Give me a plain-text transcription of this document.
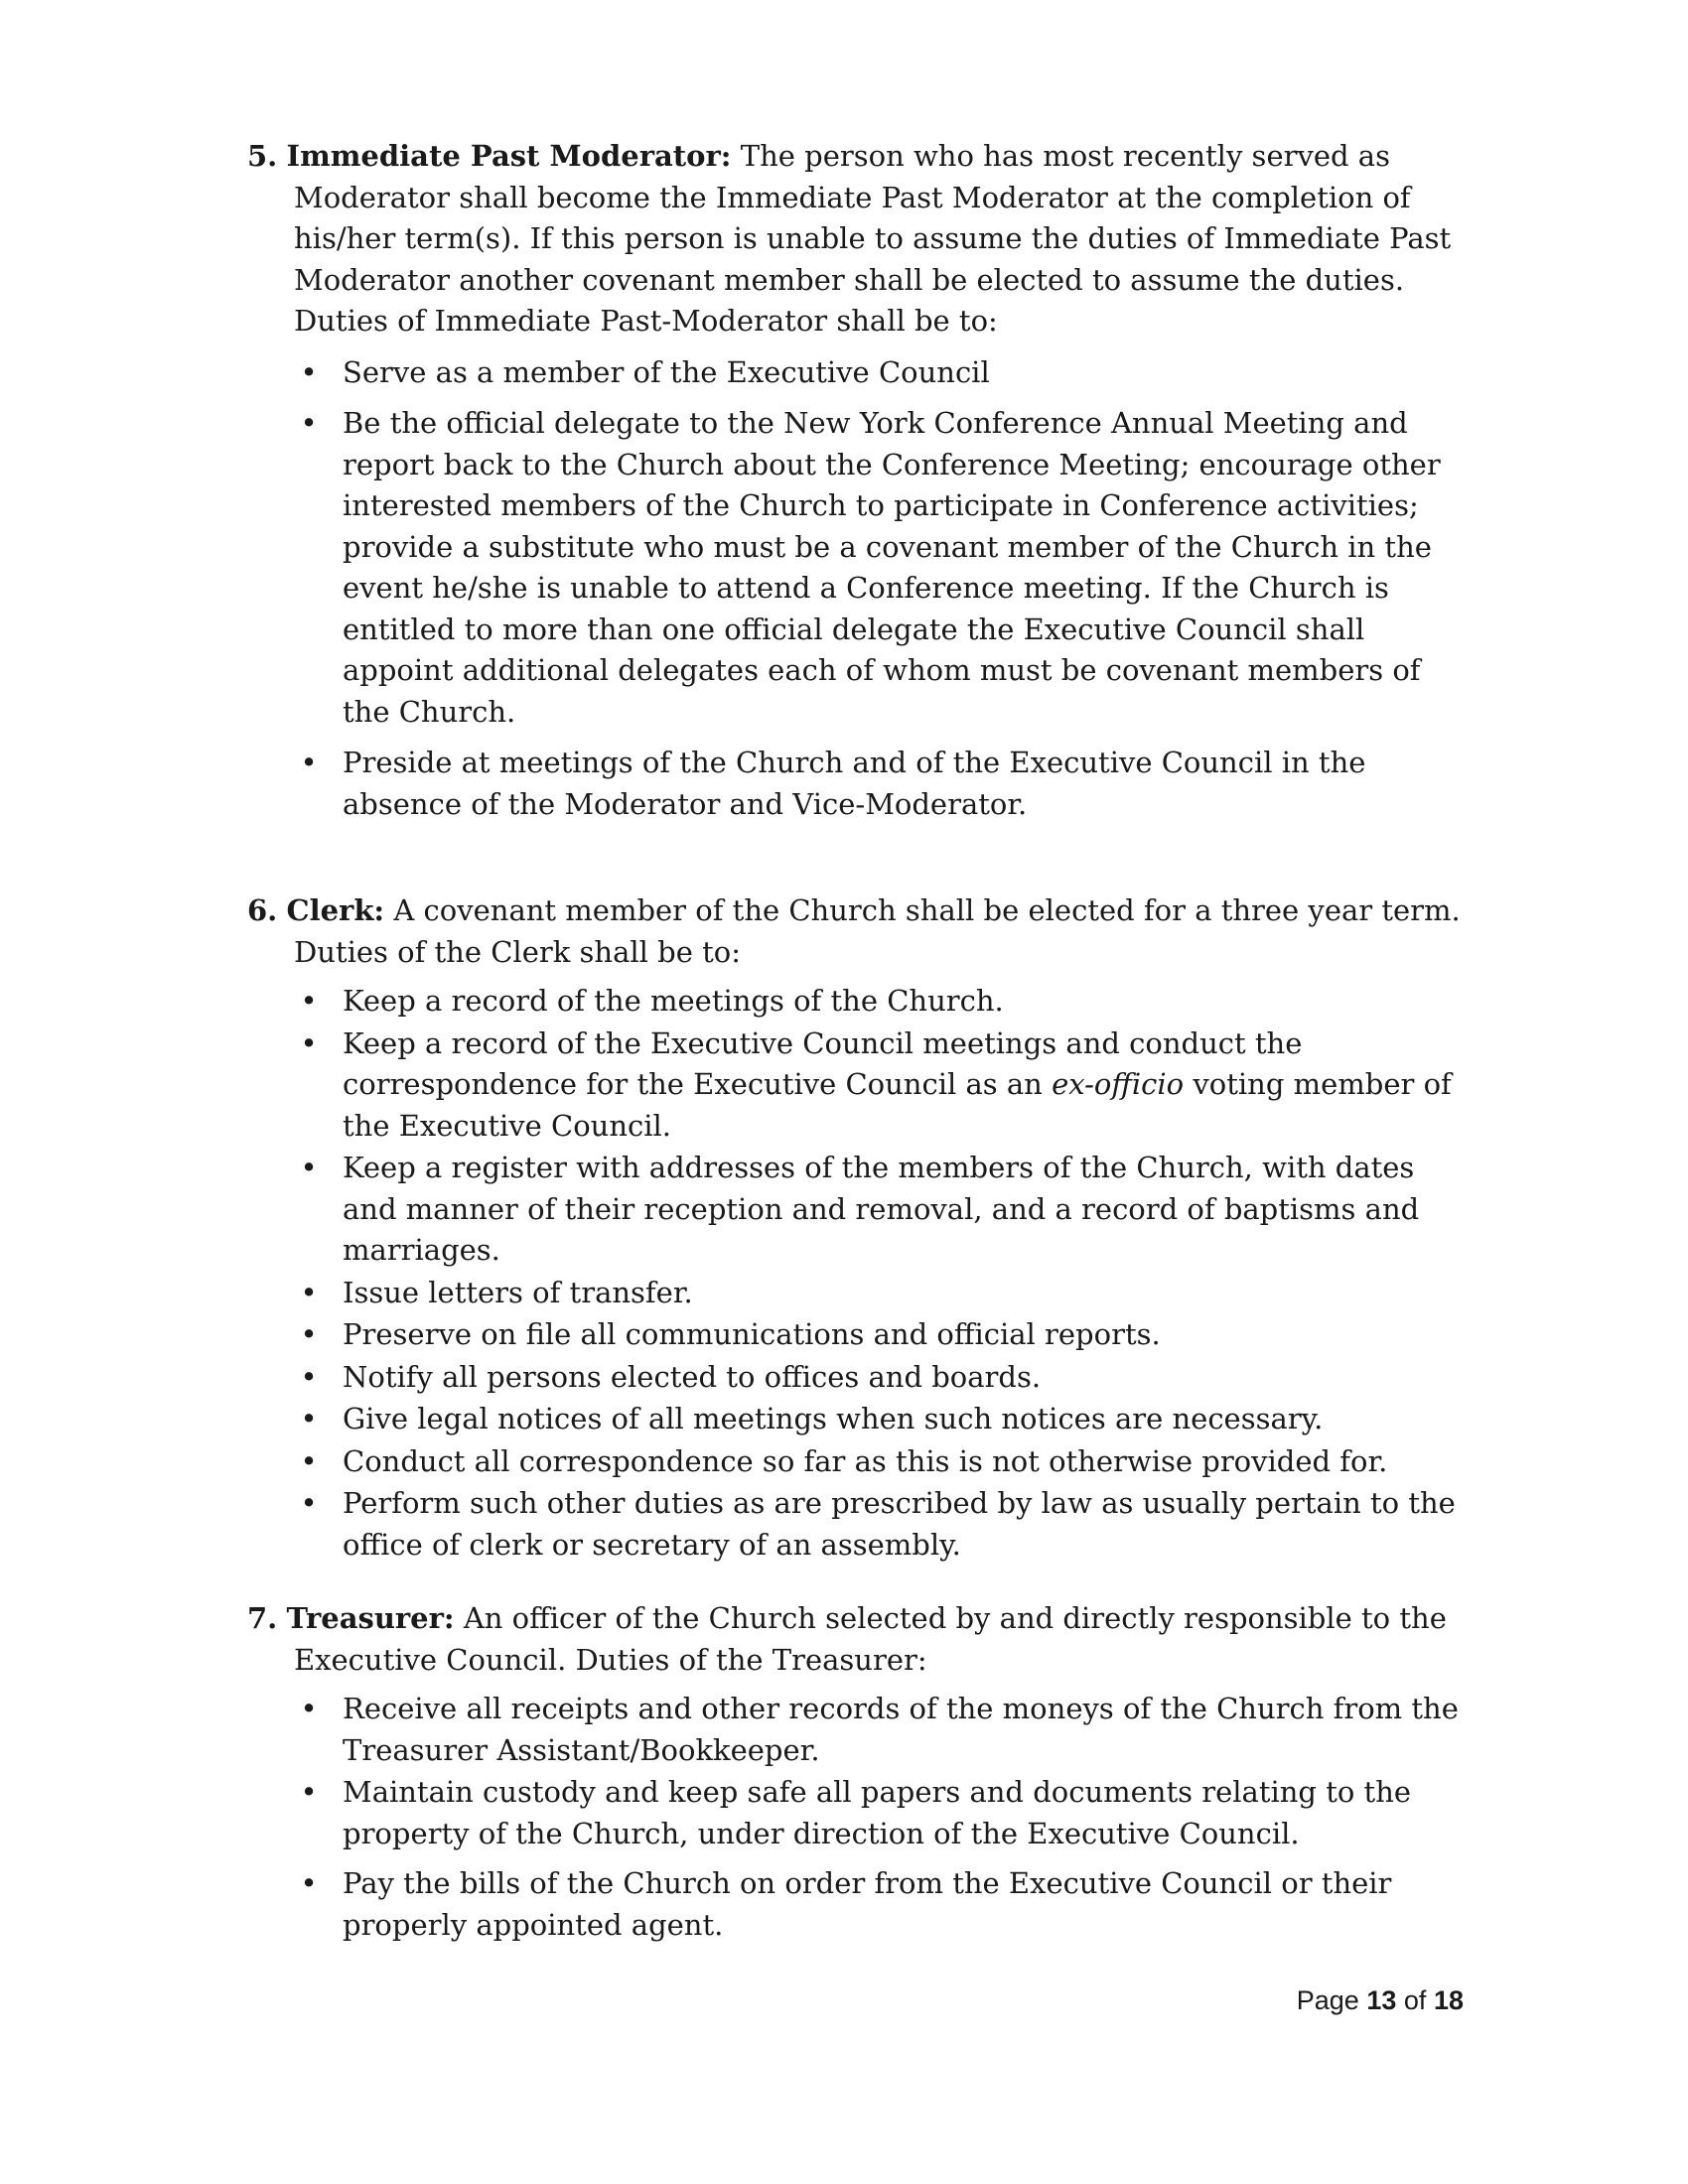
5. Immediate Past Moderator: The person who has most recently served as Moderator shall become the Immediate Past Moderator at the completion of his/her term(s). If this person is unable to assume the duties of Immediate Past Moderator another covenant member shall be elected to assume the duties. Duties of Immediate Past-Moderator shall be to:

• Serve as a member of the Executive Council
• Be the official delegate to the New York Conference Annual Meeting and report back to the Church about the Conference Meeting; encourage other interested members of the Church to participate in Conference activities; provide a substitute who must be a covenant member of the Church in the event he/she is unable to attend a Conference meeting. If the Church is entitled to more than one official delegate the Executive Council shall appoint additional delegates each of whom must be covenant members of the Church.
• Preside at meetings of the Church and of the Executive Council in the absence of the Moderator and Vice-Moderator.

6. Clerk: A covenant member of the Church shall be elected for a three year term. Duties of the Clerk shall be to:

• Keep a record of the meetings of the Church.
• Keep a record of the Executive Council meetings and conduct the correspondence for the Executive Council as an ex-officio voting member of the Executive Council.
• Keep a register with addresses of the members of the Church, with dates and manner of their reception and removal, and a record of baptisms and marriages.
• Issue letters of transfer.
• Preserve on file all communications and official reports.
• Notify all persons elected to offices and boards.
• Give legal notices of all meetings when such notices are necessary.
• Conduct all correspondence so far as this is not otherwise provided for.
• Perform such other duties as are prescribed by law as usually pertain to the office of clerk or secretary of an assembly.

7. Treasurer: An officer of the Church selected by and directly responsible to the Executive Council. Duties of the Treasurer:

• Receive all receipts and other records of the moneys of the Church from the Treasurer Assistant/Bookkeeper.
• Maintain custody and keep safe all papers and documents relating to the property of the Church, under direction of the Executive Council.
• Pay the bills of the Church on order from the Executive Council or their properly appointed agent.
Page 13 of 18
